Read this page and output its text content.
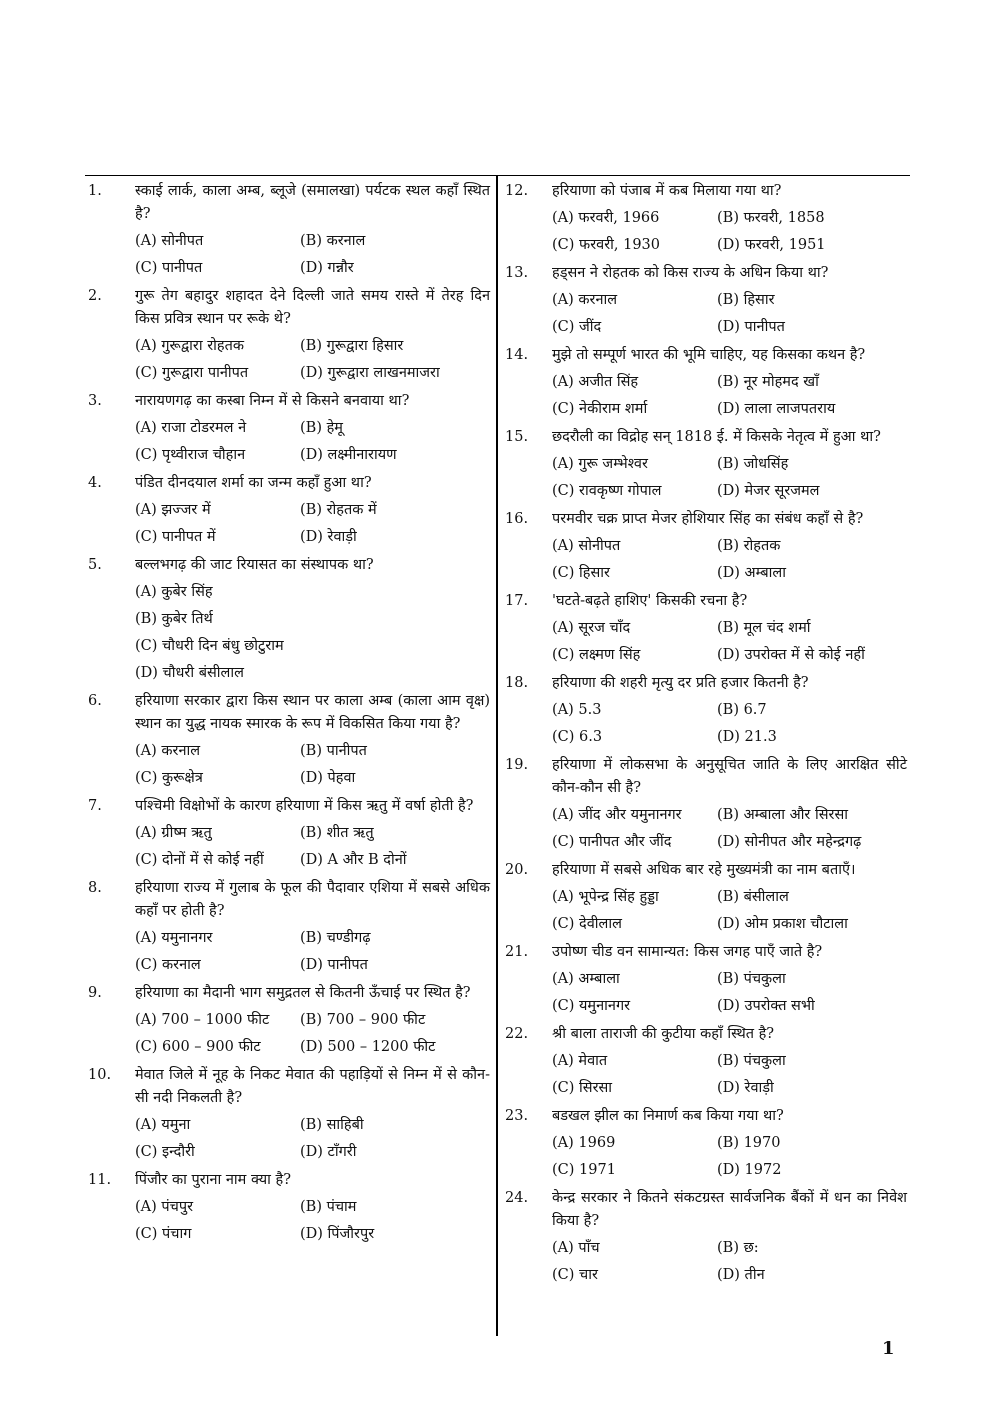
1.	स्काई लार्क, काला अम्ब, ब्लूजे (समालखा) पर्यटक स्थल कहाँ स्थित है?
(A) सोनीपत	(B) करनाल
(C) पानीपत	(D) गन्नौर
2.	गुरू तेग बहादुर शहादत देने दिल्ली जाते समय रास्ते में तेरह दिन किस प्रवित्र स्थान पर रूके थे?
(A) गुरूद्वारा रोहतक	(B) गुरूद्वारा हिसार
(C) गुरूद्वारा पानीपत	(D) गुरूद्वारा लाखनमाजरा
3.	नारायणगढ़ का कस्बा निम्न में से किसने बनवाया था?
(A) राजा टोडरमल ने	(B) हेमू
(C) पृथ्वीराज चौहान	(D) लक्ष्मीनारायण
4.	पंडित दीनदयाल शर्मा का जन्म कहाँ हुआ था?
(A) झज्जर में	(B) रोहतक में
(C) पानीपत में	(D) रेवाड़ी
5.	बल्लभगढ़ की जाट रियासत का संस्थापक था?
(A) कुबेर सिंह
(B) कुबेर तिर्थ
(C) चौधरी दिन बंधु छोटुराम
(D) चौधरी बंसीलाल
6.	हरियाणा सरकार द्वारा किस स्थान पर काला अम्ब (काला आम वृक्ष) स्थान का युद्ध नायक स्मारक के रूप में विकसित किया गया है?
(A) करनाल	(B) पानीपत
(C) कुरूक्षेत्र	(D) पेहवा
7.	पश्चिमी विक्षोभों के कारण हरियाणा में किस ऋतु में वर्षा होती है?
(A) ग्रीष्म ऋतु	(B) शीत ऋतु
(C) दोनों में से कोई नहीं	(D) A और B दोनों
8.	हरियाणा राज्य में गुलाब के फूल की पैदावार एशिया में सबसे अधिक कहाँ पर होती है?
(A) यमुनानगर	(B) चण्डीगढ़
(C) करनाल	(D) पानीपत
9.	हरियाणा का मैदानी भाग समुद्रतल से कितनी ऊँचाई पर स्थित है?
(A) 700 – 1000 फीट	(B) 700 – 900 फीट
(C) 600 – 900 फीट	(D) 500 – 1200 फीट
10.	मेवात जिले में नूह के निकट मेवात की पहाड़ियों से निम्न में से कौन-सी नदी निकलती है?
(A) यमुना	(B) साहिबी
(C) इन्दौरी	(D) टाँगरी
11.	पिंजौर का पुराना नाम क्या है?
(A) पंचपुर	(B) पंचाम
(C) पंचाग	(D) पिंजौरपुर
12.	हरियाणा को पंजाब में कब मिलाया गया था?
(A) फरवरी, 1966	(B) फरवरी, 1858
(C) फरवरी, 1930	(D) फरवरी, 1951
13.	हड्सन ने रोहतक को किस राज्य के अधिन किया था?
(A) करनाल	(B) हिसार
(C) जींद	(D) पानीपत
14.	मुझे तो सम्पूर्ण भारत की भूमि चाहिए, यह किसका कथन है?
(A) अजीत सिंह	(B) नूर मोहमद खाँ
(C) नेकीराम शर्मा	(D) लाला लाजपतराय
15.	छदरौली का विद्रोह सन् 1818 ई. में किसके नेतृत्व में हुआ था?
(A) गुरू जम्भेश्वर	(B) जोधसिंह
(C) रावकृष्ण गोपाल	(D) मेजर सूरजमल
16.	परमवीर चक्र प्राप्त मेजर होशियार सिंह का संबंध कहाँ से है?
(A) सोनीपत	(B) रोहतक
(C) हिसार	(D) अम्बाला
17.	'घटते-बढ़ते हाशिए' किसकी रचना है?
(A) सूरज चाँद	(B) मूल चंद शर्मा
(C) लक्ष्मण सिंह	(D) उपरोक्त में से कोई नहीं
18.	हरियाणा की शहरी मृत्यु दर प्रति हजार कितनी है?
(A) 5.3	(B) 6.7
(C) 6.3	(D) 21.3
19.	हरियाणा में लोकसभा के अनुसूचित जाति के लिए आरक्षित सीटे कौन-कौन सी है?
(A) जींद और यमुनानगर	(B) अम्बाला और सिरसा
(C) पानीपत और जींद	(D) सोनीपत और महेन्द्रगढ़
20.	हरियाणा में सबसे अधिक बार रहे मुख्यमंत्री का नाम बताएँ।
(A) भूपेन्द्र सिंह हुड्डा	(B) बंसीलाल
(C) देवीलाल	(D) ओम प्रकाश चौटाला
21.	उपोष्ण चीड वन सामान्यत: किस जगह पाएँ जाते है?
(A) अम्बाला	(B) पंचकुला
(C) यमुनानगर	(D) उपरोक्त सभी
22.	श्री बाला ताराजी की कुटीया कहाँ स्थित है?
(A) मेवात	(B) पंचकुला
(C) सिरसा	(D) रेवाड़ी
23.	बडखल झील का निमार्ण कब किया गया था?
(A) 1969	(B) 1970
(C) 1971	(D) 1972
24.	केन्द्र सरकार ने कितने संकटग्रस्त सार्वजनिक बैंकों में धन का निवेश किया है?
(A) पाँच	(B) छ:
(C) चार	(D) तीन
1
